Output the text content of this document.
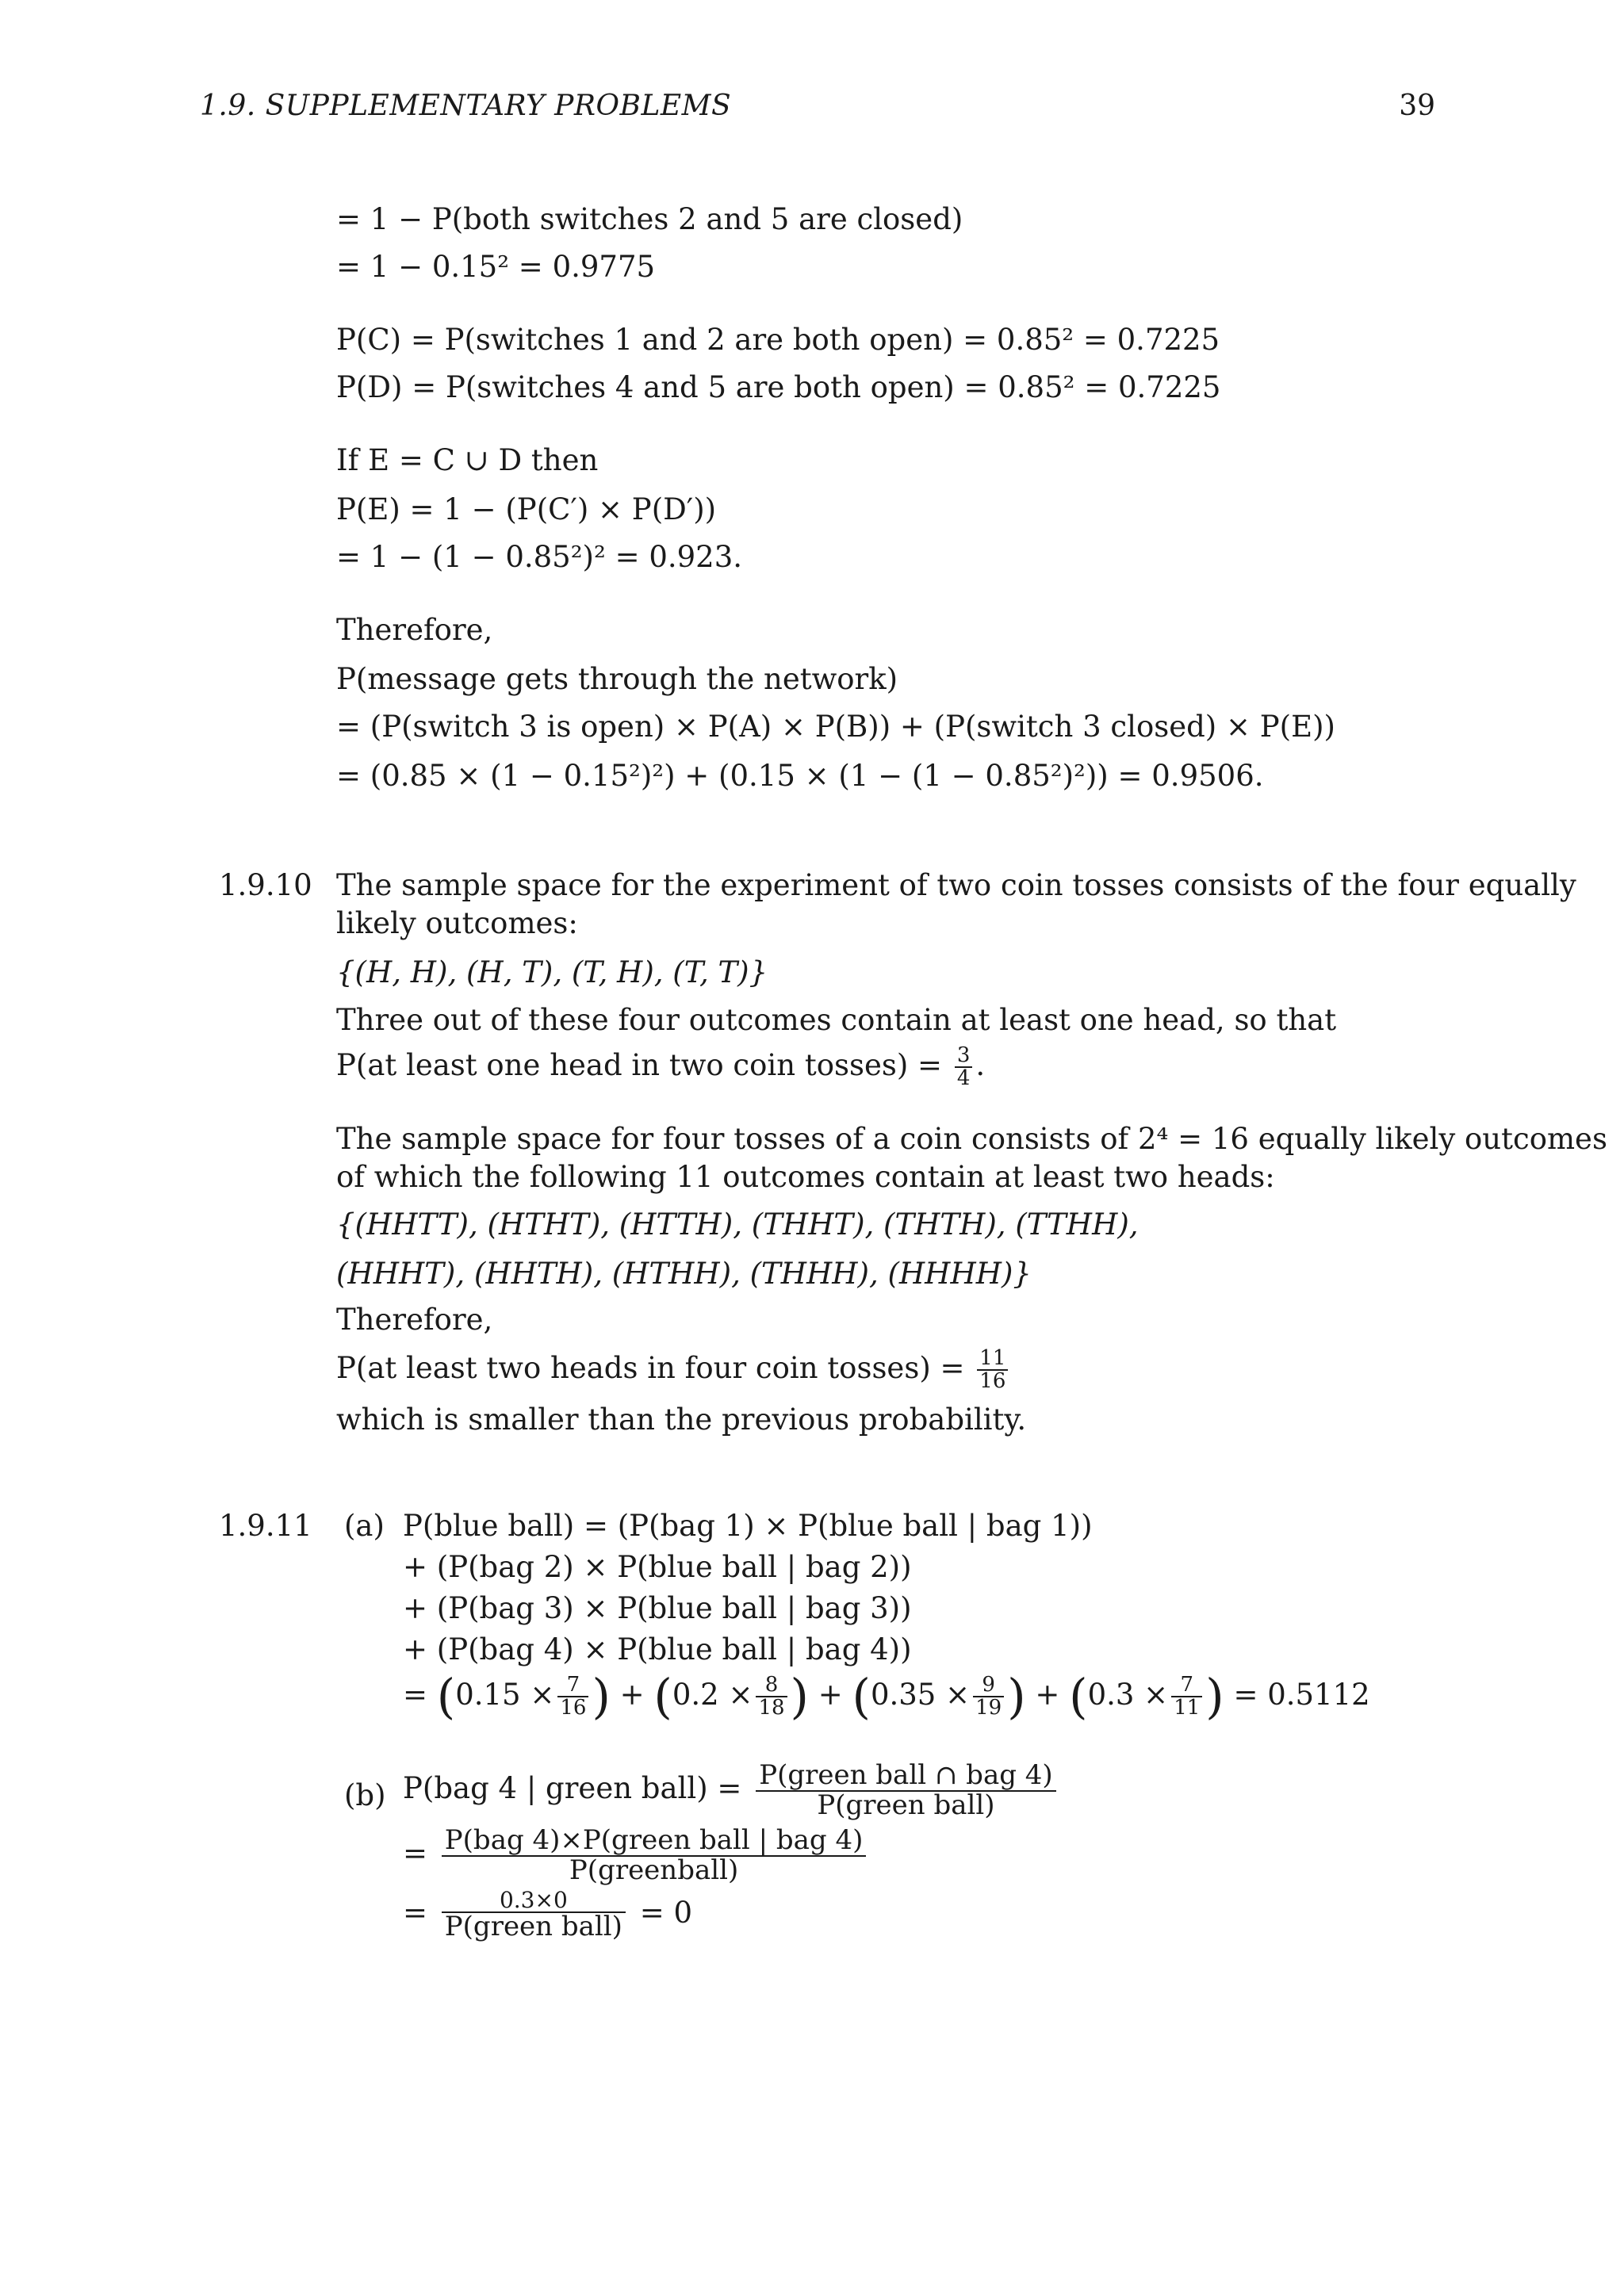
1.9. SUPPLEMENTARY PROBLEMS	39
= 1 − P(both switches 2 and 5 are closed)
= 1 − 0.15² = 0.9775
P(C) = P(switches 1 and 2 are both open) = 0.85² = 0.7225
P(D) = P(switches 4 and 5 are both open) = 0.85² = 0.7225
If E = C ∪ D then
P(E) = 1 − (P(C′) × P(D′))
= 1 − (1 − 0.85²)² = 0.923.
Therefore,
P(message gets through the network)
= (P(switch 3 is open) × P(A) × P(B)) + (P(switch 3 closed) × P(E))
= (0.85 × (1 − 0.15²)²) + (0.15 × (1 − (1 − 0.85²)²)) = 0.9506.
1.9.10 The sample space for the experiment of two coin tosses consists of the four equally
likely outcomes:
{(H, H), (H, T), (T, H), (T, T)}
Three out of these four outcomes contain at least one head, so that
P(at least one head in two coin tosses) = $\frac{3}{4}$ .
The sample space for four tosses of a coin consists of 2⁴ = 16 equally likely outcomes
of which the following 11 outcomes contain at least two heads:
{(HHTT), (HTHT), (HTTH), (THHT), (THTH), (TTHH),
(HHHT), (HHTH), (HTHH), (THHH), (HHHH)}
Therefore,
P(at least two heads in four coin tosses) = $\frac{11}{16}$
which is smaller than the previous probability.
1.9.11 (a) P(blue ball) = (P(bag 1) × P(blue ball | bag 1))
+ (P(bag 2) × P(blue ball | bag 2))
+ (P(bag 3) × P(blue ball | bag 3))
+ (P(bag 4) × P(blue ball | bag 4))
= ($0.15 \times \frac{7}{16}$ ) + ($0.2 \times \frac{8}{18}$ ) + ($0.35 \times \frac{9}{19}$ ) + ($0.3 \times \frac{7}{11}$ ) = 0.5112
(b) P(bag 4 | green ball) = P(green ball ∩ bag 4)
P(green ball)
= P(bag 4)×P(green ball | bag 4)
P(greenball)
=	0.3×0
P(green ball) = 0
